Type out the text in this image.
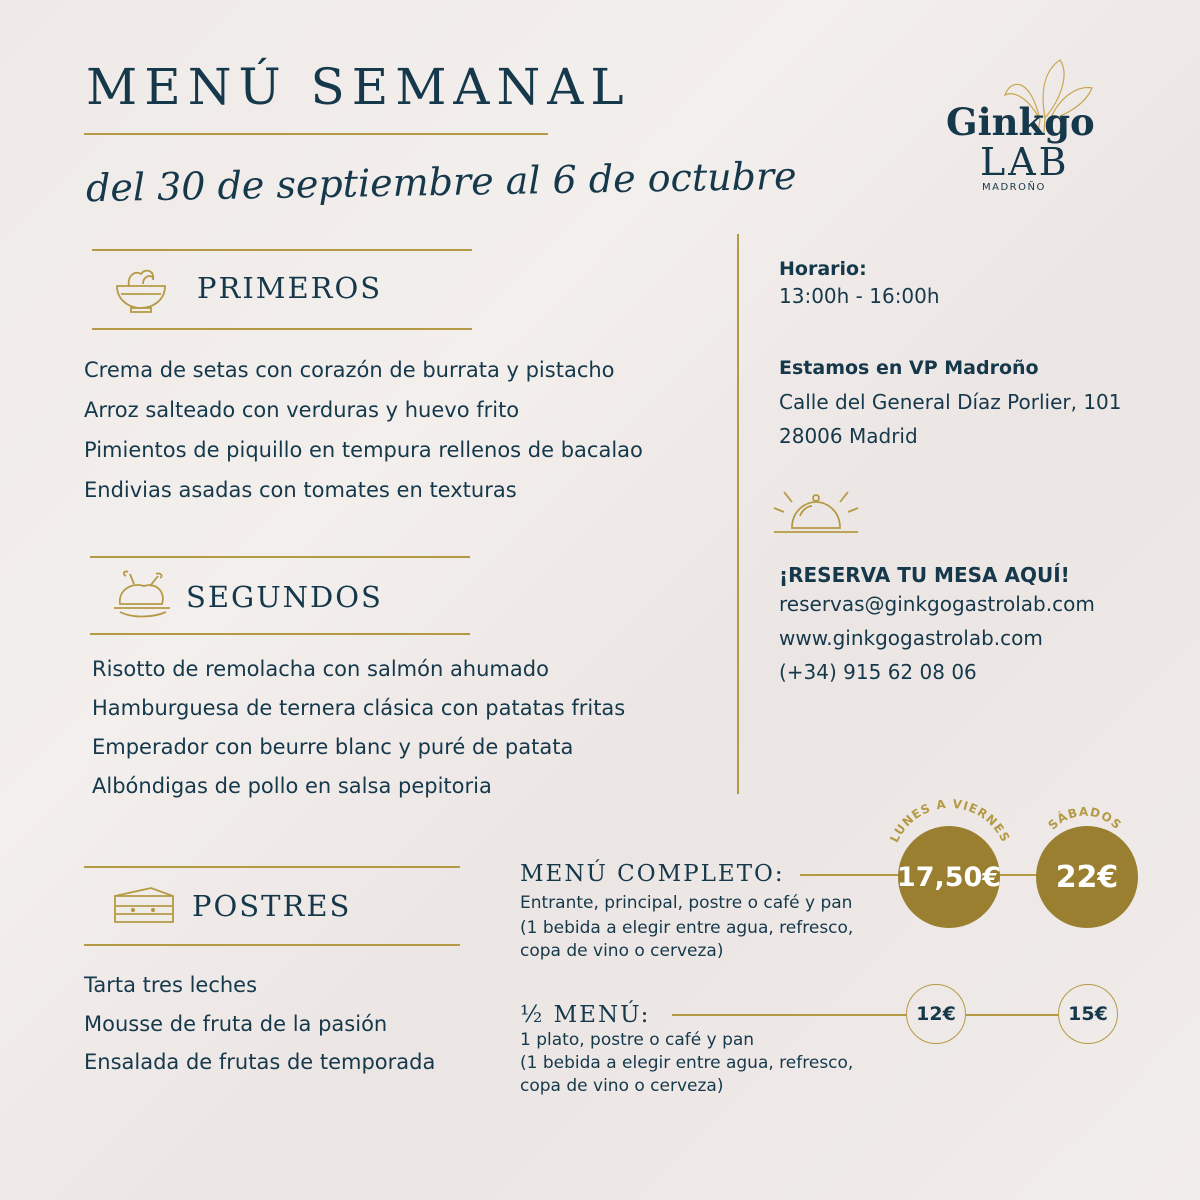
MENÚ SEMANAL
del 30 de septiembre al 6 de octubre
Ginkgo
LAB
MADROÑO
PRIMEROS
Crema de setas con corazón de burrata y pistacho
Arroz salteado con verduras y huevo frito
Pimientos de piquillo en tempura rellenos de bacalao
Endivias asadas con tomates en texturas
SEGUNDOS
Risotto de remolacha con salmón ahumado
Hamburguesa de ternera clásica con patatas fritas
Emperador con beurre blanc y puré de patata
Albóndigas de pollo en salsa pepitoria
POSTRES
Tarta tres leches
Mousse de fruta de la pasión
Ensalada de frutas de temporada
Horario:
13:00h - 16:00h
Estamos en VP Madroño
Calle del General Díaz Porlier, 101
28006 Madrid
¡RESERVA TU MESA AQUÍ!
reservas@ginkgogastrolab.com
www.ginkgogastrolab.com
(+34) 915 62 08 06
LUNES A VIERNES
SÁBADOS
MENÚ COMPLETO:
Entrante, principal, postre o café y pan
(1 bebida a elegir entre agua, refresco,
copa de vino o cerveza)
17,50€	22€
½ MENÚ:
1 plato, postre o café y pan
(1 bebida a elegir entre agua, refresco,
copa de vino o cerveza)
12€	15€
